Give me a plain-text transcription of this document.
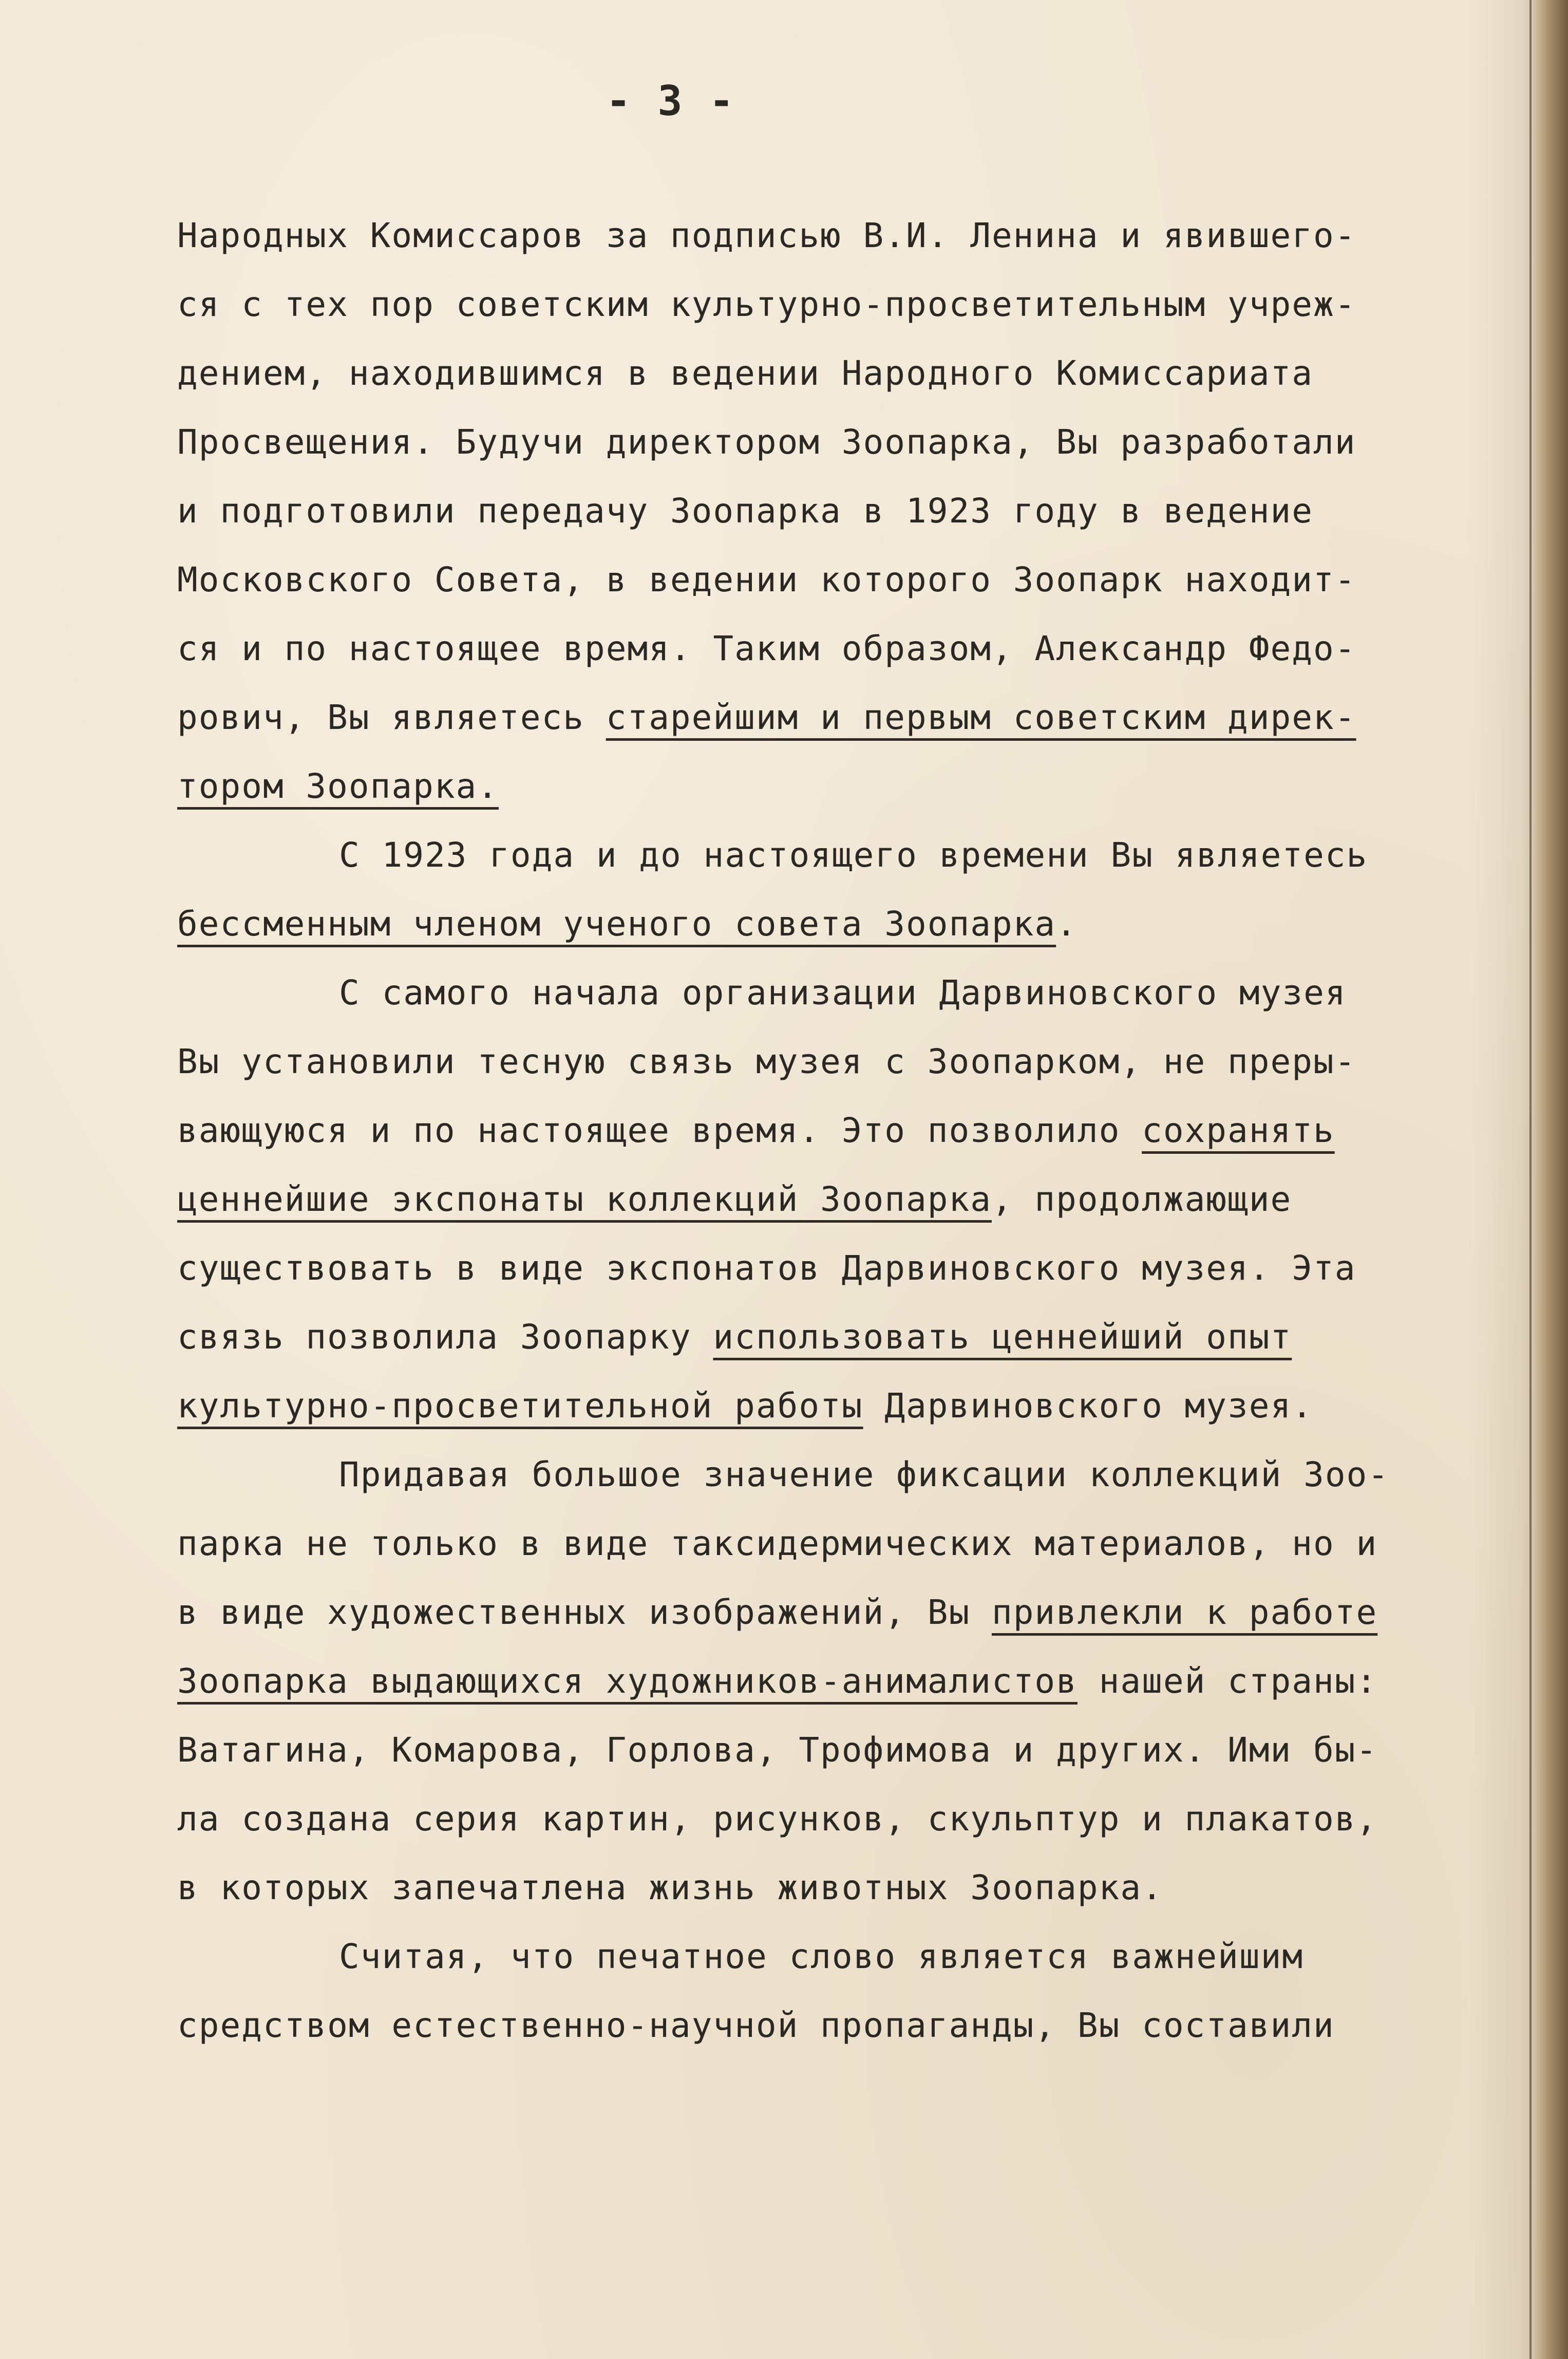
- 3 -
Народных Комиссаров за подписью В.И. Ленина и явившего-
ся с тех пор советским культурно-просветительным учреж-
дением, находившимся в ведении Народного Комиссариата
Просвещения. Будучи директором Зоопарка, Вы разработали
и подготовили передачу Зоопарка в 1923 году в ведение
Московского Совета, в ведении которого Зоопарк находит-
ся и по настоящее время. Таким образом, Александр Федо-
рович, Вы являетесь старейшим и первым советским дирек-
тором Зоопарка.
С 1923 года и до настоящего времени Вы являетесь
бессменным членом ученого совета Зоопарка.
С самого начала организации Дарвиновского музея
Вы установили тесную связь музея с Зоопарком, не преры-
вающуюся и по настоящее время. Это позволило сохранять
ценнейшие экспонаты коллекций Зоопарка, продолжающие
существовать в виде экспонатов Дарвиновского музея. Эта
связь позволила Зоопарку использовать ценнейший опыт
культурно-просветительной работы Дарвиновского музея.
Придавая большое значение фиксации коллекций Зоо-
парка не только в виде таксидермических материалов, но и
в виде художественных изображений, Вы привлекли к работе
Зоопарка выдающихся художников-анималистов нашей страны:
Ватагина, Комарова, Горлова, Трофимова и других. Ими бы-
ла создана серия картин, рисунков, скульптур и плакатов,
в которых запечатлена жизнь животных Зоопарка.
Считая, что печатное слово является важнейшим
средством естественно-научной пропаганды, Вы составили
